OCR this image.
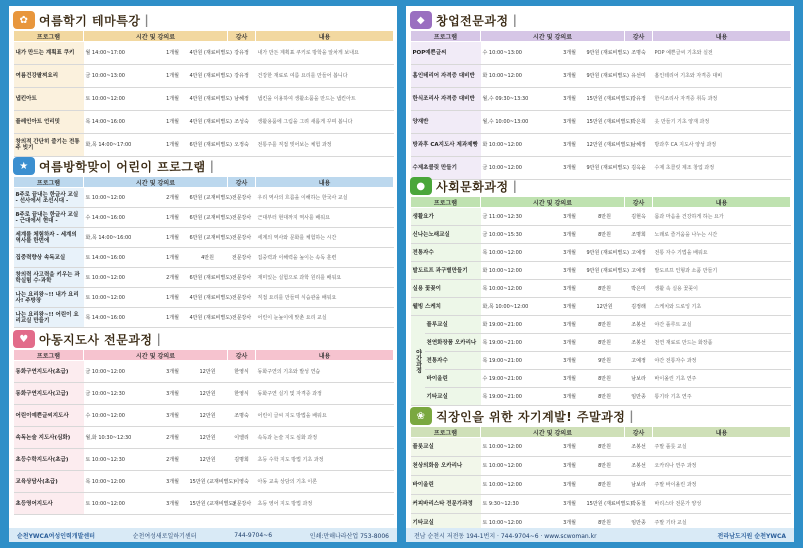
✿ 여름학기 테마특강 |
프로그램	시간 및 강의료			강사	내용
내가 만드는 계획표 쿠키	월 14:00~17:00	1개월	4만원 (재료비별도)	강유정	내가 만든 계획표 쿠키로 방학을 알차게 보내요
여름건강팔찌요리	금 10:00~13:00	1개월	4만원 (재료비별도)	강유정	건강한 재료로 여름 요리를 만들어 봅니다
냅킨아트	토 10:00~12:00	1개월	4만원 (재료비별도)	남혜정	냅킨을 이용하여 생활소품을 만드는 냅킨아트
플레인아트 언리밋	목 14:00~16:00	1개월	4만원 (재료비별도)	조성숙	생활용품에 그림을 그려 새롭게 꾸며 봅니다
창의적 간단히 즐기는 전통주 빚기	화,목 14:00~17:00	1개월	6만원 (재료비별도)	오정숙	전통주를 직접 빚어보는 체험 과정
★ 여름방학맞이 어린이 프로그램 |
프로그램	시간 및 강의료			강사	내용
8주로 끝내는 한글사 교실 - 선사에서 조선시대 -	토 10:00~12:00	2개월	6만원 (교재비별도)	전문강사	우리 역사의 흐름을 이해하는 한국사 교실
8주로 끝내는 한글사 교실 - 근대에서 현대 -	수 14:00~16:00	1개월	6만원 (교재비별도)	전문강사	근대부터 현대까지 역사를 배워요
세계를 체험하자 - 세계의 역사를 한번에	화,목 14:00~16:00	1개월	6만원 (교재비별도)	전문강사	세계의 역사와 문화를 체험하는 시간
집중력향상 속독교실	토 14:00~16:00	1개월	4만원	전문강사	집중력과 이해력을 높이는 속독 훈련
창의력 사고력을 키우는 과학실험 수·과학	토 10:00~12:00	2개월	6만원 (재료비별도)	전문강사	재미있는 실험으로 과학 원리를 배워요
나는 요리왕~!! 내가 요리사! 주방장	토 10:00~12:00	1개월	4만원 (재료비별도)	전문강사	직접 요리를 만들며 식습관을 배워요
나는 요리왕~!! 어린이 요리교실 만들기	목 14:00~16:00	1개월	4만원 (재료비별도)	전문강사	어린이 눈높이에 맞춘 요리 교실
♥ 아동지도사 전문과정 |
프로그램	시간 및 강의료			강사	내용
동화구연지도사(초급)	금 10:00~12:00	3개월	12만원	한영식	동화구연의 기초와 발성 연습
동화구연지도사(고급)	금 10:00~12:30	3개월	12만원	한영식	동화구연 실기 및 자격증 과정
어린이예쁜글씨지도사	수 10:00~12:00	3개월	12만원	조명숙	어린이 글씨 지도 방법을 배워요
속독논술 지도사(심화)	월,화 10:30~12:30	2개월	12만원	이엘리	속독과 논술 지도 심화 과정
초등수학지도사(초급)	토 10:00~12:30	2개월	12만원	김명희	초등 수학 지도 방법 기초 과정
교육상담사(초급)	목 10:00~12:00	3개월	15만원 (교재비별도)	이영숙	아동 교육 상담의 기초 이론
초등영어지도사	토 10:00~12:00	3개월	15만원 (교재비별도)	전문강사	초등 영어 지도 방법 과정
순천YWCA여성인력개발센터	순천여성새로일하기센터	744-9704~6	인쇄:만해나라산업 753-8006
◆ 창업전문과정 |
프로그램	시간 및 강의료			강사	내용
POP예쁜글씨	수 10:00~13:00	3개월	9만원 (재료비별도)	조명숙	POP 예쁜글씨 기초와 실전
홈인테리어 자격증 대비반	화 10:00~12:00	3개월	9만원 (재료비별도)	유선미	홈인테리어 기초와 자격증 대비
한식조리사 자격증 대비반	월,수 09:30~13:30	3개월	15만원 (재료비별도)	강유정	한식조리사 자격증 취득 과정
양재반	월,수 10:00~13:00	3개월	15만원 (재료비별도)	박은희	옷 만들기 기초 양재 과정
방과후 CA지도사 제과제빵	화 10:00~12:00	3개월	12만원 (재료비별도)	남혜정	방과후 CA 지도사 양성 과정
수제초콜릿 만들기	금 10:00~12:00	3개월	9만원 (재료비별도)	김옥윤	수제 초콜릿 제조 창업 과정
● 사회문화과정 |
프로그램		시간 및 강의료			강사	내용
생활요가		금 11:00~12:30	3개월	8만원	김현옥	몸과 마음을 건강하게 하는 요가
신나는노래교실		금 10:00~15:30	3개월	8만원	조명희	노래로 즐거움을 나누는 시간
전통자수		목 10:00~12:00	3개월	9만원 (재료비별도)	고예정	전통 자수 기법을 배워요
발도르프 과구별만들기		화 10:00~12:00	3개월	9만원 (재료비별도)	고예정	발도르프 인형과 소품 만들기
실용 꽃꽂이		목 10:00~12:00	3개월	8만원	박은미	생활 속 실용 꽃꽂이
웰빙 스케치		화,목 10:00~12:00	3개월	12만원	김정래	스케치와 드로잉 기초
야간과정	플루교실	화 19:00~21:00	3개월	8만원	조봉선	야간 플루트 교실
	천연화장품 오카리나	목 19:00~21:00	3개월	8만원	조봉선	천연 재료로 만드는 화장품
	전통자수	목 19:00~21:00	3개월	9만원	고예정	야간 전통자수 과정
	바이올린	수 19:00~21:00	3개월	8만원	남보라	바이올린 기초 연주
	기타교실	목 19:00~21:00	3개월	8만원	임만종	통기타 기초 연주
❀ 직장인을 위한 자기계발! 주말과정 |
프로그램	시간 및 강의료			강사	내용
플룻교실	토 10:00~12:00	3개월	8만원	조봉선	주말 플룻 교실
천상의화음 오카리나	토 10:00~12:00	3개월	8만원	조봉선	오카리나 연주 과정
바이올린	토 10:00~12:00	3개월	8만원	남보라	주말 바이올린 과정
커피바리스타 전문가과정	토 9:30~12:30	3개월	15만원 (재료비별도)	박동철	바리스타 전문가 양성
기타교실	토 10:00~12:00	3개월	8만원	임만종	주말 기타 교실
전남 순천시 저전동 194-1번지 · 744-9704~6 · www.scwoman.kr	전라남도지원 순천YWCA
